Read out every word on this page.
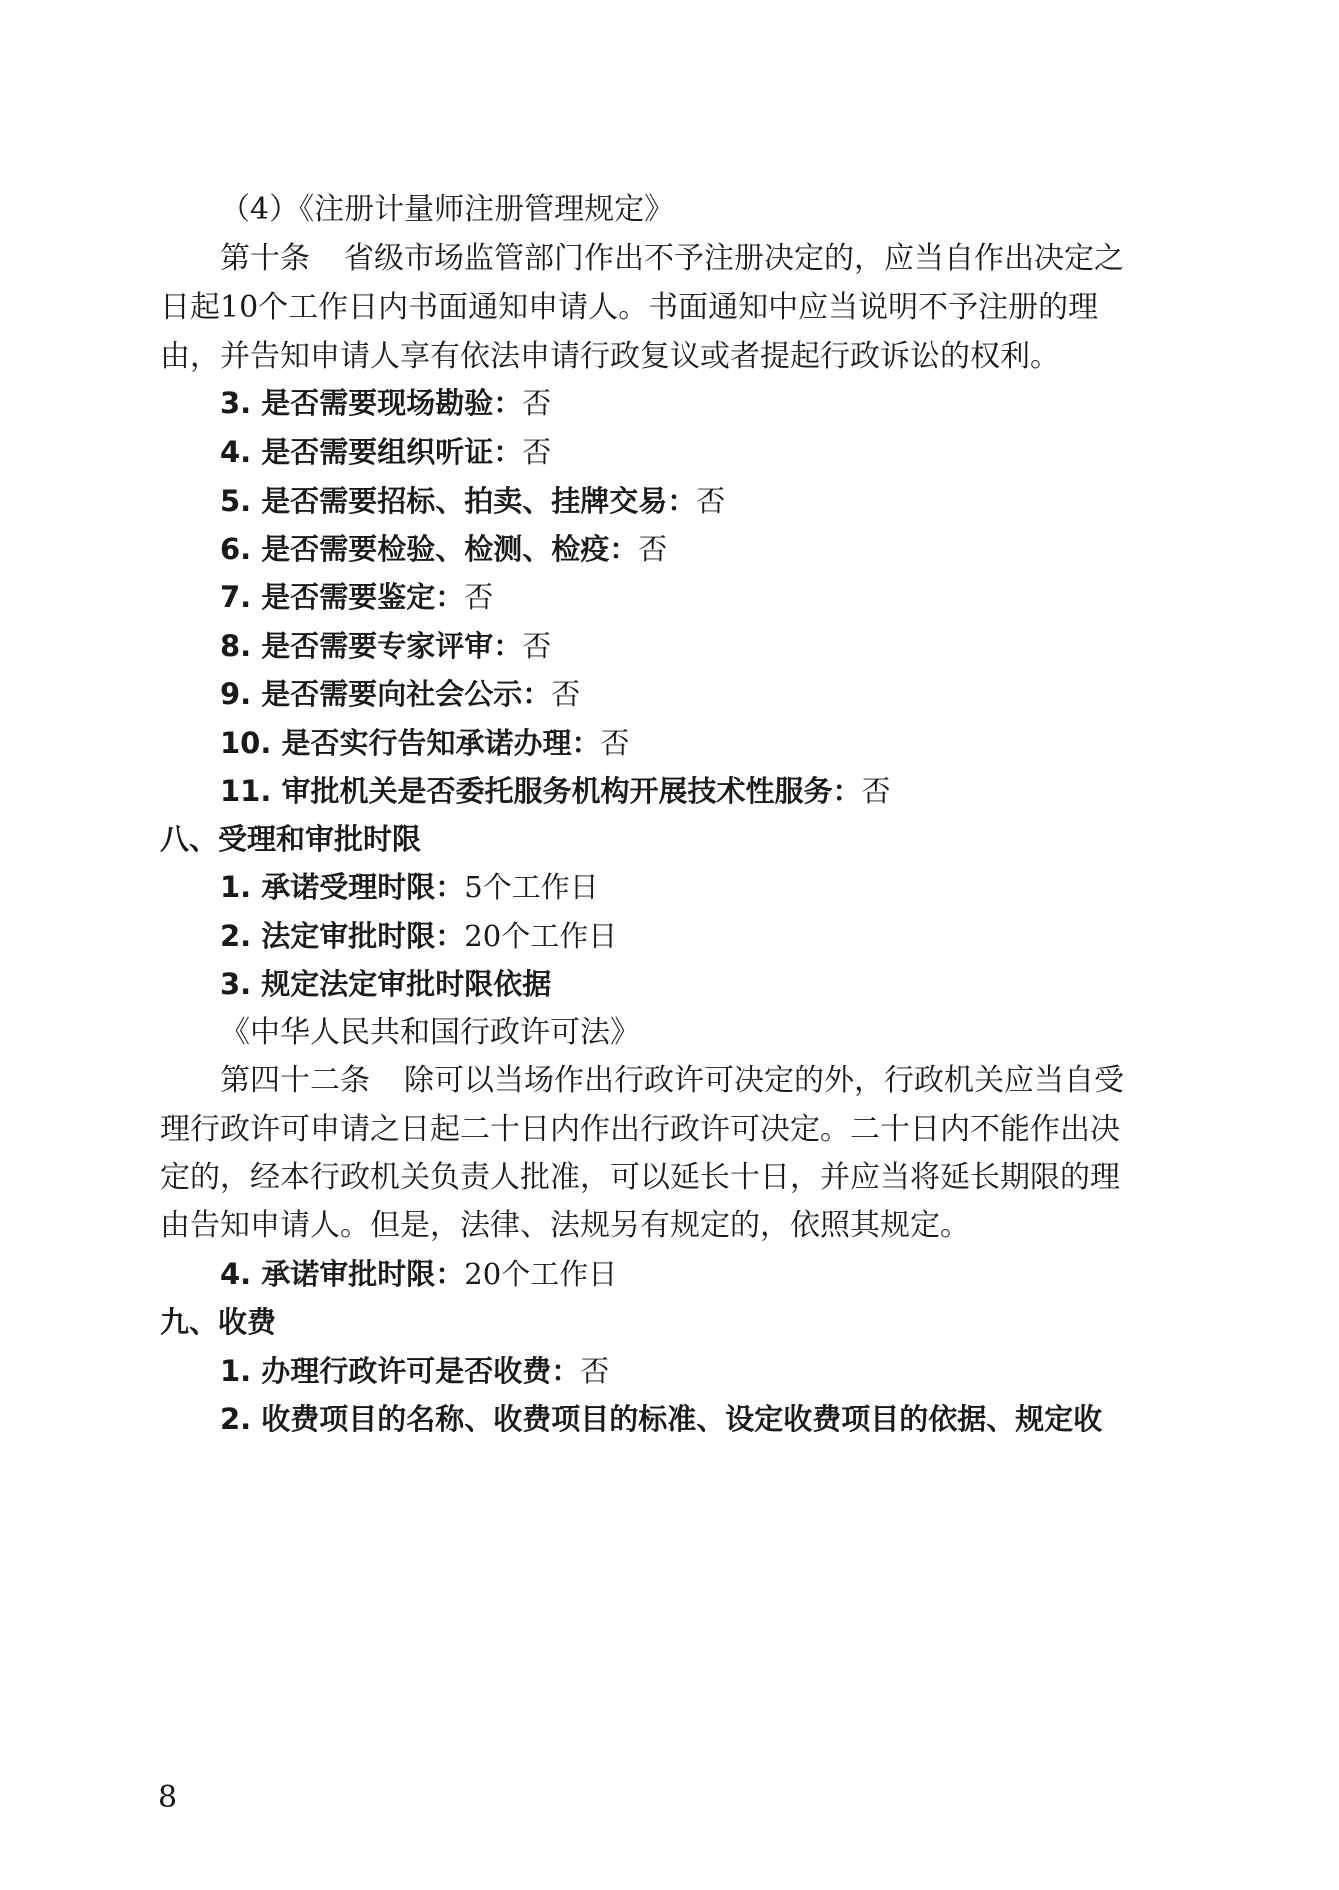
（4）《注册计量师注册管理规定》
第十条 省级市场监管部门作出不予注册决定的，应当自作出决定之
日起10个工作日内书面通知申请人。书面通知中应当说明不予注册的理
由，并告知申请人享有依法申请行政复议或者提起行政诉讼的权利。
3. 是否需要现场勘验：否
4. 是否需要组织听证：否
5. 是否需要招标、拍卖、挂牌交易：否
6. 是否需要检验、检测、检疫：否
7. 是否需要鉴定：否
8. 是否需要专家评审：否
9. 是否需要向社会公示：否
10. 是否实行告知承诺办理：否
11. 审批机关是否委托服务机构开展技术性服务：否
八、受理和审批时限
1. 承诺受理时限：5个工作日
2. 法定审批时限：20个工作日
3. 规定法定审批时限依据
《中华人民共和国行政许可法》
第四十二条 除可以当场作出行政许可决定的外，行政机关应当自受
理行政许可申请之日起二十日内作出行政许可决定。二十日内不能作出决
定的，经本行政机关负责人批准，可以延长十日，并应当将延长期限的理
由告知申请人。但是，法律、法规另有规定的，依照其规定。
4. 承诺审批时限：20个工作日
九、收费
1. 办理行政许可是否收费：否
2. 收费项目的名称、收费项目的标准、设定收费项目的依据、规定收
8
